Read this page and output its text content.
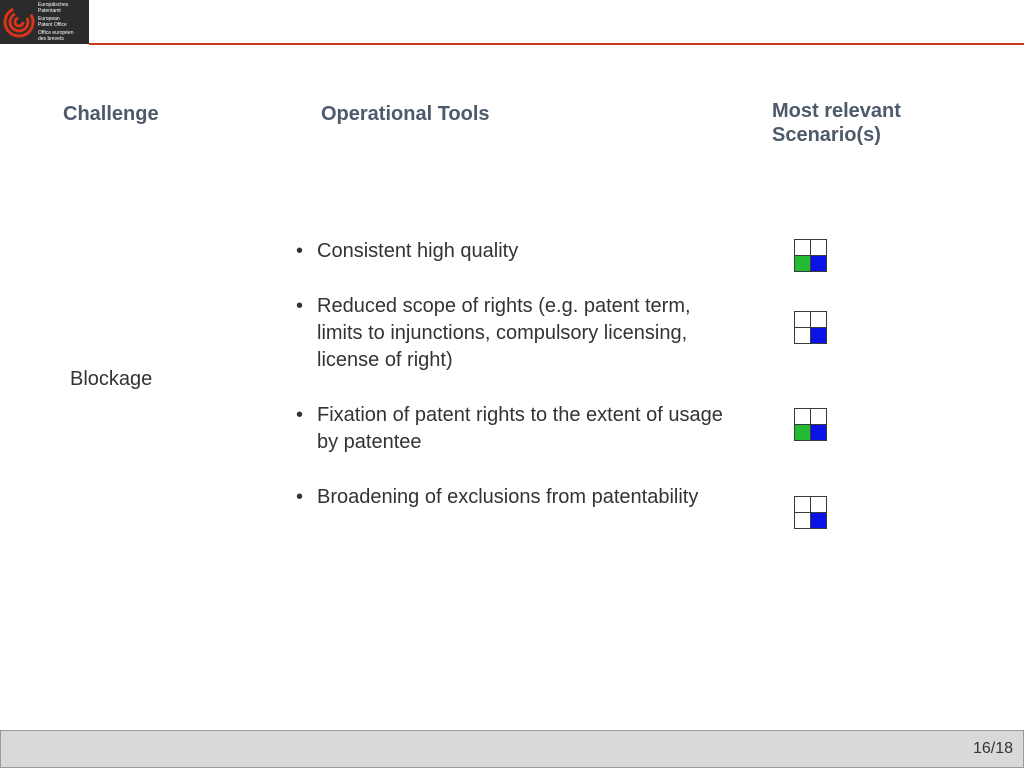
Europäisches
Patentamt
European
Patent Office
Office européen
des brevets
Challenge	Operational Tools	Most relevant Scenario(s)
Blockage
• Consistent high quality
• Reduced scope of rights (e.g. patent term, limits to injunctions, compulsory licensing, license of right)
• Fixation of patent rights to the extent of usage by patentee
• Broadening of exclusions from patentability
16/18
